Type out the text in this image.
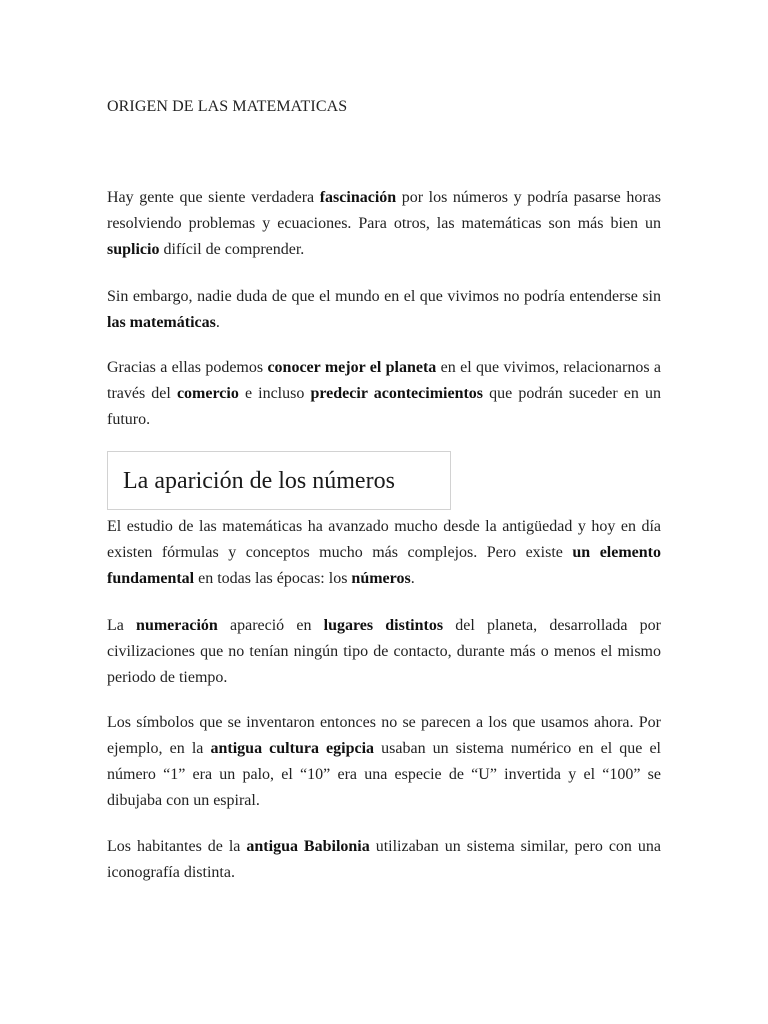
ORIGEN DE LAS MATEMATICAS

Hay gente que siente verdadera fascinación por los números y podría pasarse horas resolviendo problemas y ecuaciones. Para otros, las matemáticas son más bien un suplicio difícil de comprender.

Sin embargo, nadie duda de que el mundo en el que vivimos no podría entenderse sin las matemáticas.

Gracias a ellas podemos conocer mejor el planeta en el que vivimos, relacionarnos a través del comercio e incluso predecir acontecimientos que podrán suceder en un futuro.

La aparición de los números

El estudio de las matemáticas ha avanzado mucho desde la antigüedad y hoy en día existen fórmulas y conceptos mucho más complejos. Pero existe un elemento fundamental en todas las épocas: los números.

La numeración apareció en lugares distintos del planeta, desarrollada por civilizaciones que no tenían ningún tipo de contacto, durante más o menos el mismo periodo de tiempo.

Los símbolos que se inventaron entonces no se parecen a los que usamos ahora. Por ejemplo, en la antigua cultura egipcia usaban un sistema numérico en el que el número “1” era un palo, el “10” era una especie de “U” invertida y el “100” se dibujaba con un espiral.

Los habitantes de la antigua Babilonia utilizaban un sistema similar, pero con una iconografía distinta.
